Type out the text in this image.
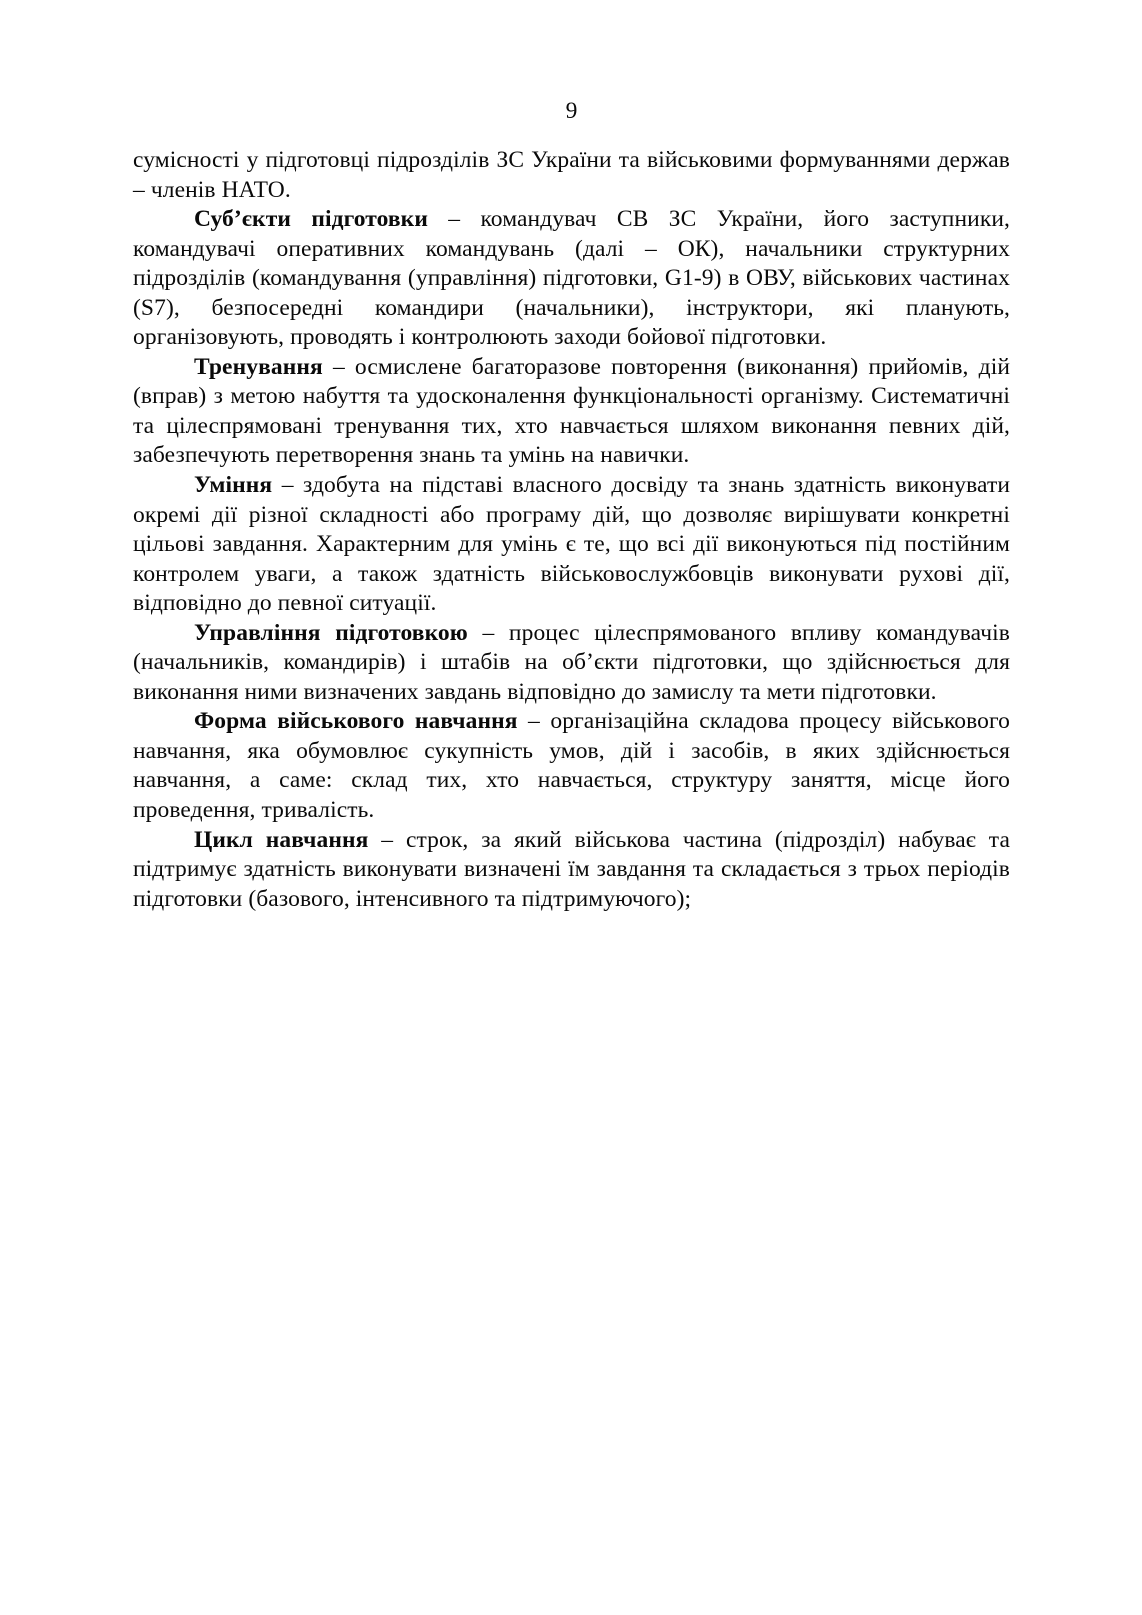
9

сумісності у підготовці підрозділів ЗС України та військовими формуваннями держав – членів НАТО.

Суб’єкти підготовки – командувач СВ ЗС України, його заступники, командувачі оперативних командувань (далі – ОК), начальники структурних підрозділів (командування (управління) підготовки, G1-9) в ОВУ, військових частинах (S7), безпосередні командири (начальники), інструктори, які планують, організовують, проводять і контролюють заходи бойової підготовки.

Тренування – осмислене багаторазове повторення (виконання) прийомів, дій (вправ) з метою набуття та удосконалення функціональності організму. Систематичні та цілеспрямовані тренування тих, хто навчається шляхом виконання певних дій, забезпечують перетворення знань та умінь на навички.

Уміння – здобута на підставі власного досвіду та знань здатність виконувати окремі дії різної складності або програму дій, що дозволяє вирішувати конкретні цільові завдання. Характерним для умінь є те, що всі дії виконуються під постійним контролем уваги, а також здатність військовослужбовців виконувати рухові дії, відповідно до певної ситуації.

Управління підготовкою – процес цілеспрямованого впливу командувачів (начальників, командирів) і штабів на об’єкти підготовки, що здійснюється для виконання ними визначених завдань відповідно до замислу та мети підготовки.

Форма військового навчання – організаційна складова процесу військового навчання, яка обумовлює сукупність умов, дій і засобів, в яких здійснюється навчання, а саме: склад тих, хто навчається, структуру заняття, місце його проведення, тривалість.

Цикл навчання – строк, за який військова частина (підрозділ) набуває та підтримує здатність виконувати визначені їм завдання та складається з трьох періодів підготовки (базового, інтенсивного та підтримуючого);
